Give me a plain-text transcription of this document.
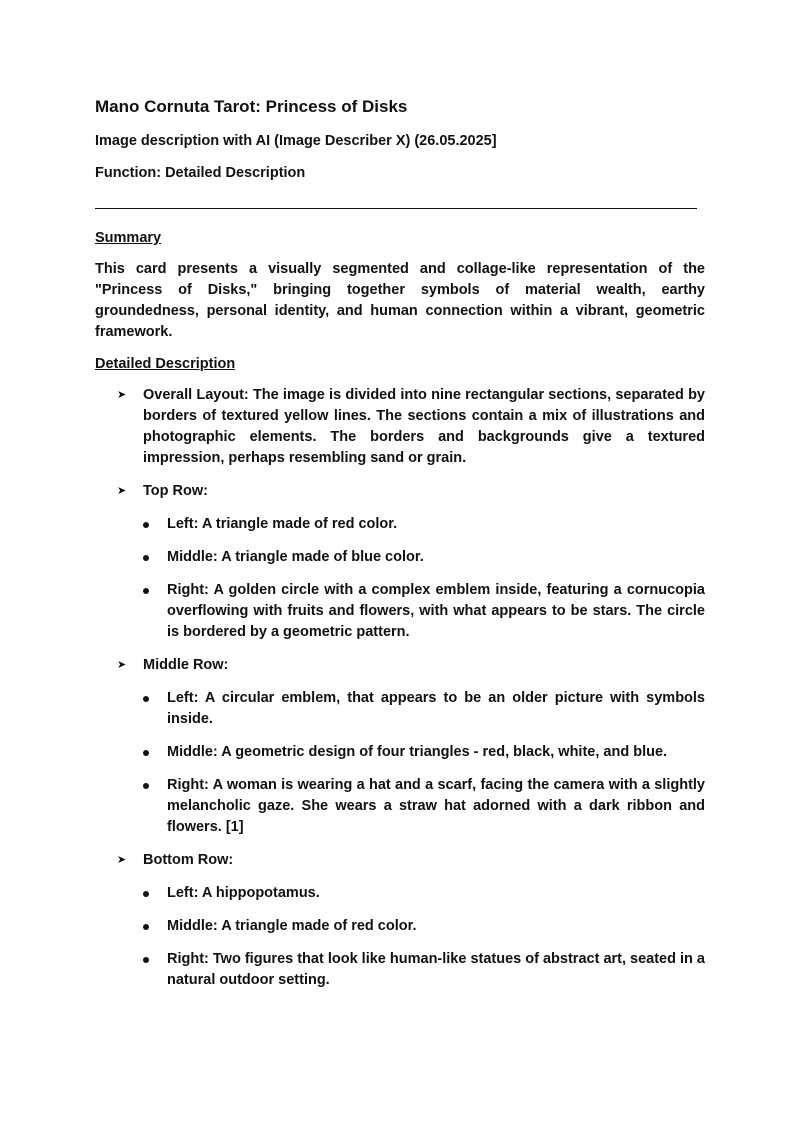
Mano Cornuta Tarot: Princess of Disks
Image description with AI (Image Describer X) (26.05.2025]
Function: Detailed Description
Summary
This card presents a visually segmented and collage-like representation of the "Princess of Disks," bringing together symbols of material wealth, earthy groundedness, personal identity, and human connection within a vibrant, geometric framework.
Detailed Description
➤ Overall Layout: The image is divided into nine rectangular sections, separated by borders of textured yellow lines. The sections contain a mix of illustrations and photographic elements. The borders and backgrounds give a textured impression, perhaps resembling sand or grain.
➤ Top Row:
Left: A triangle made of red color.
Middle: A triangle made of blue color.
Right: A golden circle with a complex emblem inside, featuring a cornucopia overflowing with fruits and flowers, with what appears to be stars. The circle is bordered by a geometric pattern.
➤ Middle Row:
Left: A circular emblem, that appears to be an older picture with symbols inside.
Middle: A geometric design of four triangles - red, black, white, and blue.
Right: A woman is wearing a hat and a scarf, facing the camera with a slightly melancholic gaze. She wears a straw hat adorned with a dark ribbon and flowers. [1]
➤ Bottom Row:
Left: A hippopotamus.
Middle: A triangle made of red color.
Right: Two figures that look like human-like statues of abstract art, seated in a natural outdoor setting.
